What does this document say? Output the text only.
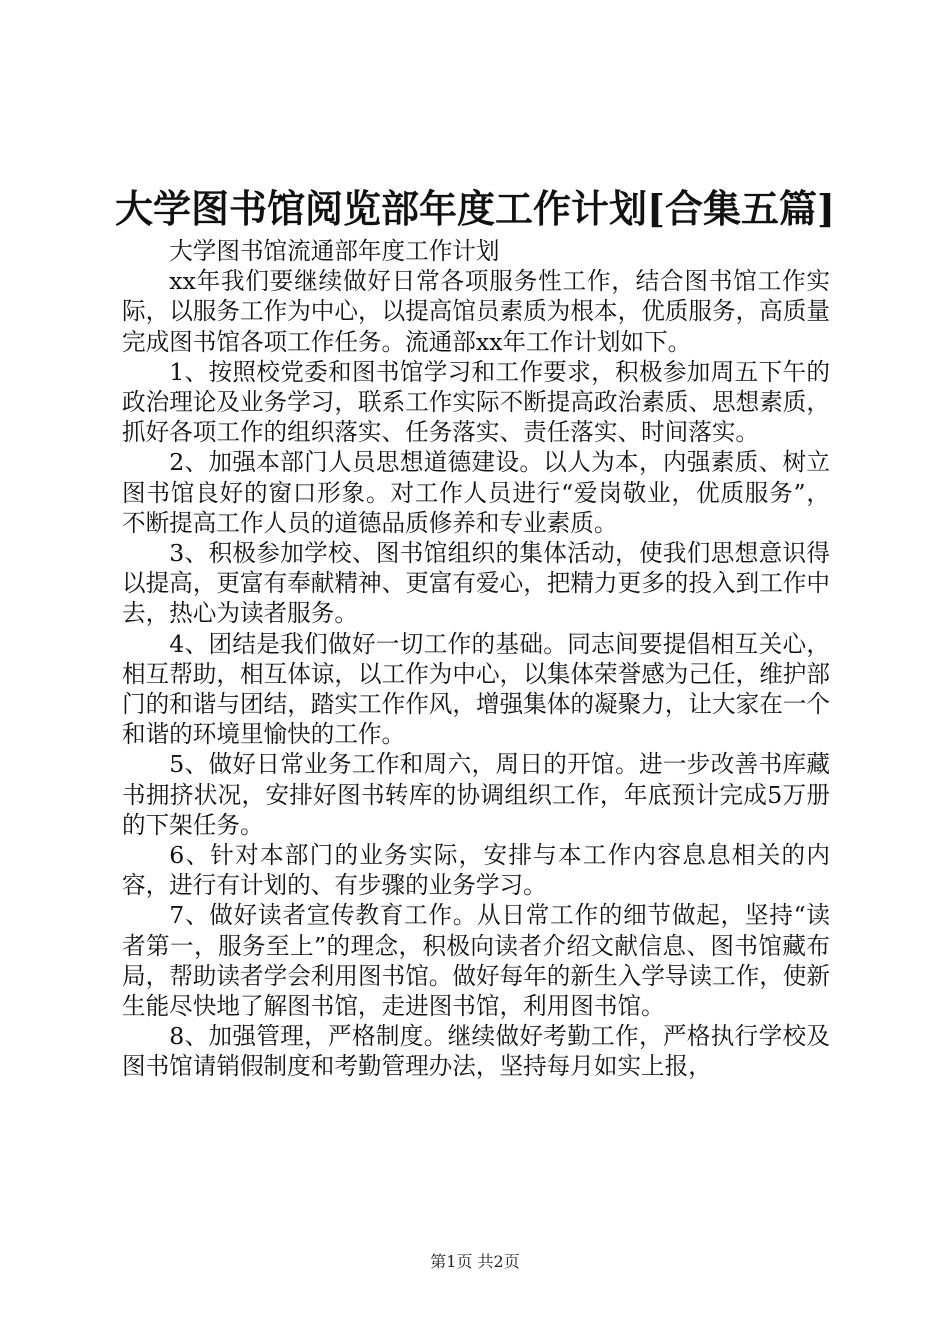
大学图书馆阅览部年度工作计划[合集五篇]

大学图书馆流通部年度工作计划

xx年我们要继续做好日常各项服务性工作，结合图书馆工作实际，以服务工作为中心，以提高馆员素质为根本，优质服务，高质量完成图书馆各项工作任务。流通部xx年工作计划如下。

1、按照校党委和图书馆学习和工作要求，积极参加周五下午的政治理论及业务学习，联系工作实际不断提高政治素质、思想素质，抓好各项工作的组织落实、任务落实、责任落实、时间落实。

2、加强本部门人员思想道德建设。以人为本，内强素质、树立图书馆良好的窗口形象。对工作人员进行“爱岗敬业，优质服务”，不断提高工作人员的道德品质修养和专业素质。

3、积极参加学校、图书馆组织的集体活动，使我们思想意识得以提高，更富有奉献精神、更富有爱心，把精力更多的投入到工作中去，热心为读者服务。

4、团结是我们做好一切工作的基础。同志间要提倡相互关心，相互帮助，相互体谅，以工作为中心，以集体荣誉感为己任，维护部门的和谐与团结，踏实工作作风，增强集体的凝聚力，让大家在一个和谐的环境里愉快的工作。

5、做好日常业务工作和周六，周日的开馆。进一步改善书库藏书拥挤状况，安排好图书转库的协调组织工作，年底预计完成5万册的下架任务。

6、针对本部门的业务实际，安排与本工作内容息息相关的内容，进行有计划的、有步骤的业务学习。

7、做好读者宣传教育工作。从日常工作的细节做起，坚持“读者第一，服务至上”的理念，积极向读者介绍文献信息、图书馆藏布局，帮助读者学会利用图书馆。做好每年的新生入学导读工作，使新生能尽快地了解图书馆，走进图书馆，利用图书馆。

8、加强管理，严格制度。继续做好考勤工作，严格执行学校及图书馆请销假制度和考勤管理办法，坚持每月如实上报，

第1页 共2页
